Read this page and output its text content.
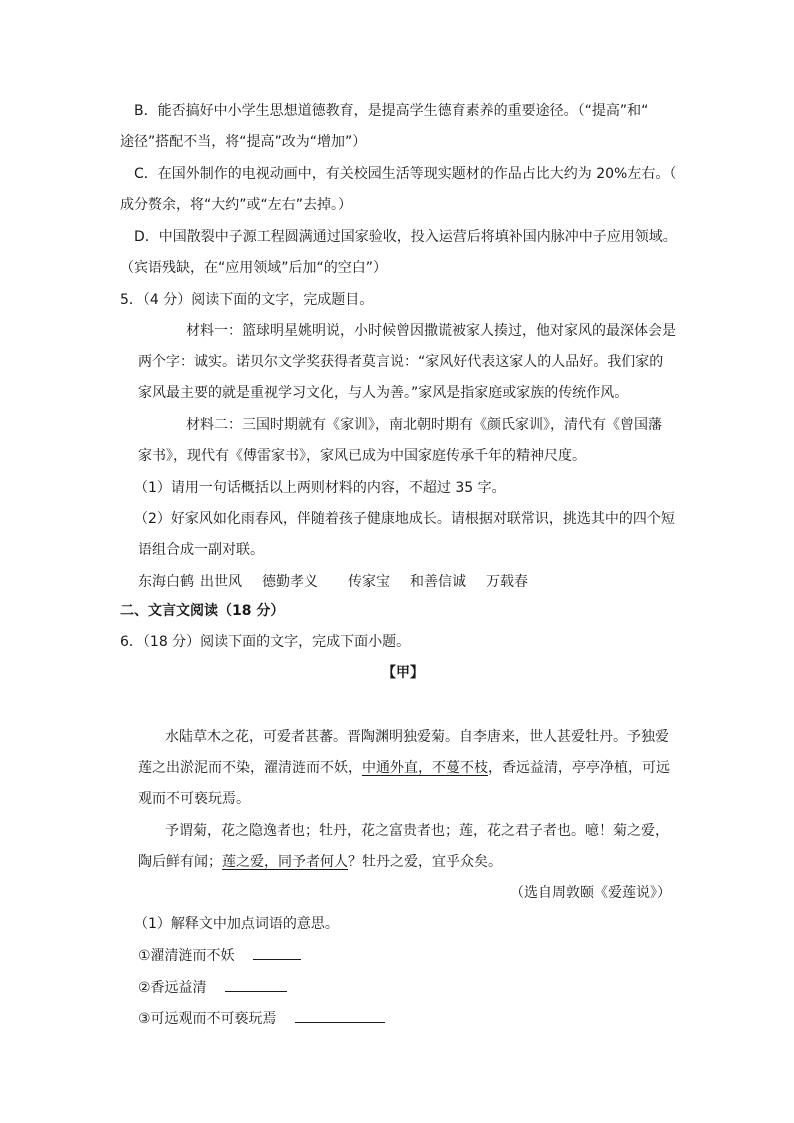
B．能否搞好中小学生思想道德教育，是提高学生德育素养的重要途径。（“提高”和“
途径”搭配不当，将“提高”改为“增加”）
C．在国外制作的电视动画中，有关校园生活等现实题材的作品占比大约为 20%左右。（
成分赘余，将“大约”或“左右”去掉。）
D．中国散裂中子源工程圆满通过国家验收，投入运营后将填补国内脉冲中子应用领域。
（宾语残缺，在“应用领域”后加“的空白”）
5．（4 分）阅读下面的文字，完成题目。
材料一：篮球明星姚明说，小时候曾因撒谎被家人揍过，他对家风的最深体会是
两个字：诚实。诺贝尔文学奖获得者莫言说：“家风好代表这家人的人品好。我们家的
家风最主要的就是重视学习文化，与人为善。”家风是指家庭或家族的传统作风。
材料二：三国时期就有《家训》，南北朝时期有《颜氏家训》，清代有《曾国藩
家书》，现代有《傅雷家书》，家风已成为中国家庭传承千年的精神尺度。
（1）请用一句话概括以上两则材料的内容，不超过 35 字。
（2）好家风如化雨春风，伴随着孩子健康地成长。请根据对联常识，挑选其中的四个短
语组合成一副对联。
东海白鹤 出世风 德勤孝义 传家宝 和善信诚 万载春
二、文言文阅读（18 分）
6．（18 分）阅读下面的文字，完成下面小题。
【甲】
水陆草木之花，可爱者甚蕃。晋陶渊明独爱菊。自李唐来，世人甚爱牡丹。予独爱
莲之出淤泥而不染，濯清涟而不妖，中通外直，不蔓不枝，香远益清，亭亭净植，可远
观而不可亵玩焉。
予谓菊，花之隐逸者也；牡丹，花之富贵者也；莲，花之君子者也。噫！菊之爱，
陶后鲜有闻；莲之爱，同予者何人？牡丹之爱，宜乎众矣。
（选自周敦颐《爱莲说》）
（1）解释文中加点词语的意思。
①濯清涟而不妖
②香远益清
③可远观而不可亵玩焉
